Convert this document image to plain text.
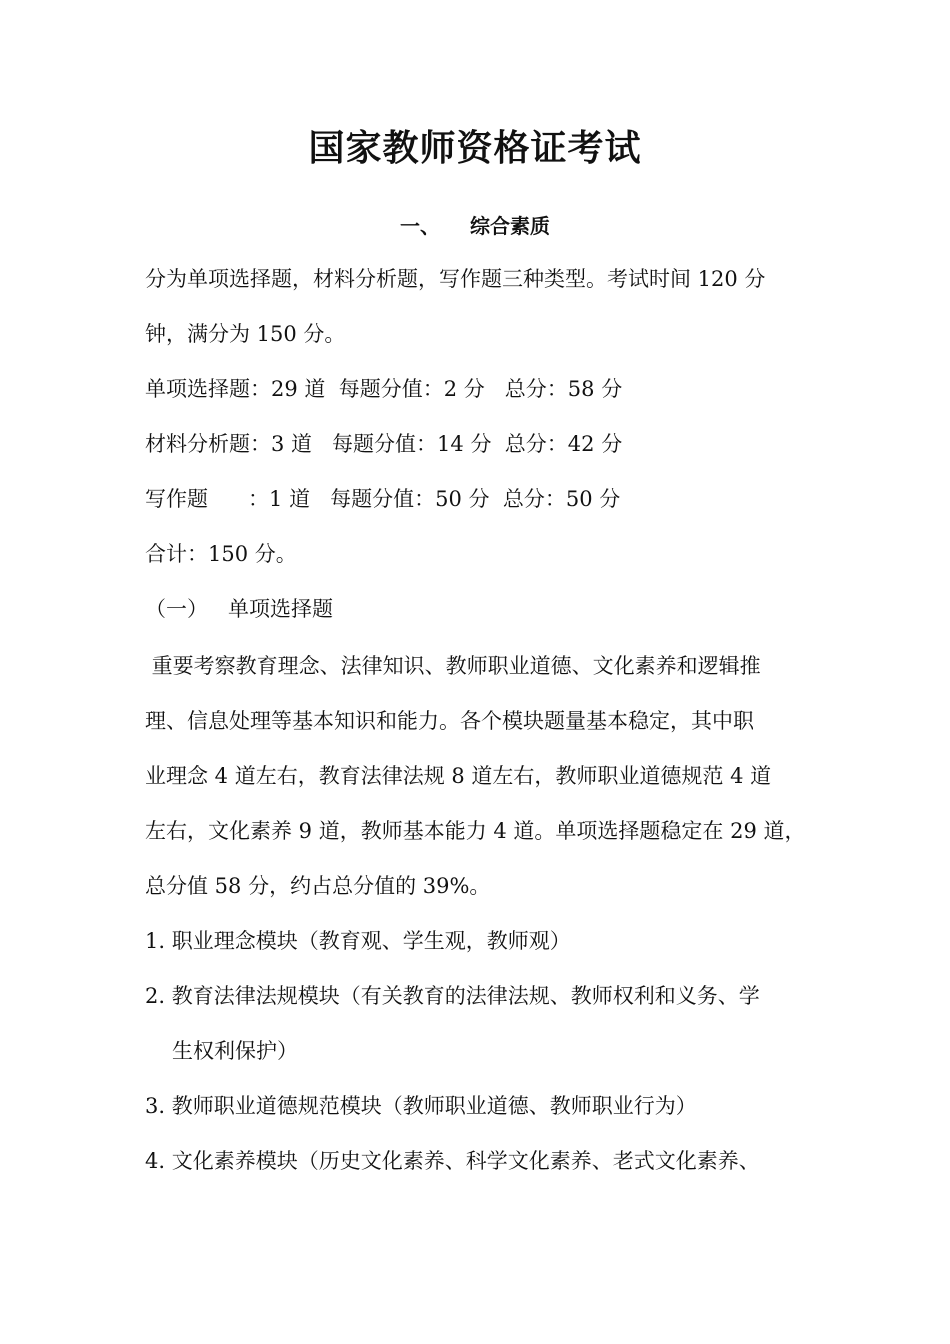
国家教师资格证考试
一、 综合素质
分为单项选择题，材料分析题，写作题三种类型。考试时间 120 分
钟，满分为 150 分。
单项选择题：29 道  每题分值：2 分   总分：58 分
材料分析题：3 道   每题分值：14 分  总分：42 分
写作题      ：1 道   每题分值：50 分  总分：50 分
合计：150 分。
（一）   单项选择题
重要考察教育理念、法律知识、教师职业道德、文化素养和逻辑推
理、信息处理等基本知识和能力。各个模块题量基本稳定，其中职
业理念 4 道左右，教育法律法规 8 道左右，教师职业道德规范 4 道
左右，文化素养 9 道，教师基本能力 4 道。单项选择题稳定在 29 道，
总分值 58 分，约占总分值的 39%。
1. 职业理念模块（教育观、学生观，教师观）
2. 教育法律法规模块（有关教育的法律法规、教师权利和义务、学
生权利保护）
3. 教师职业道德规范模块（教师职业道德、教师职业行为）
4. 文化素养模块（历史文化素养、科学文化素养、老式文化素养、
